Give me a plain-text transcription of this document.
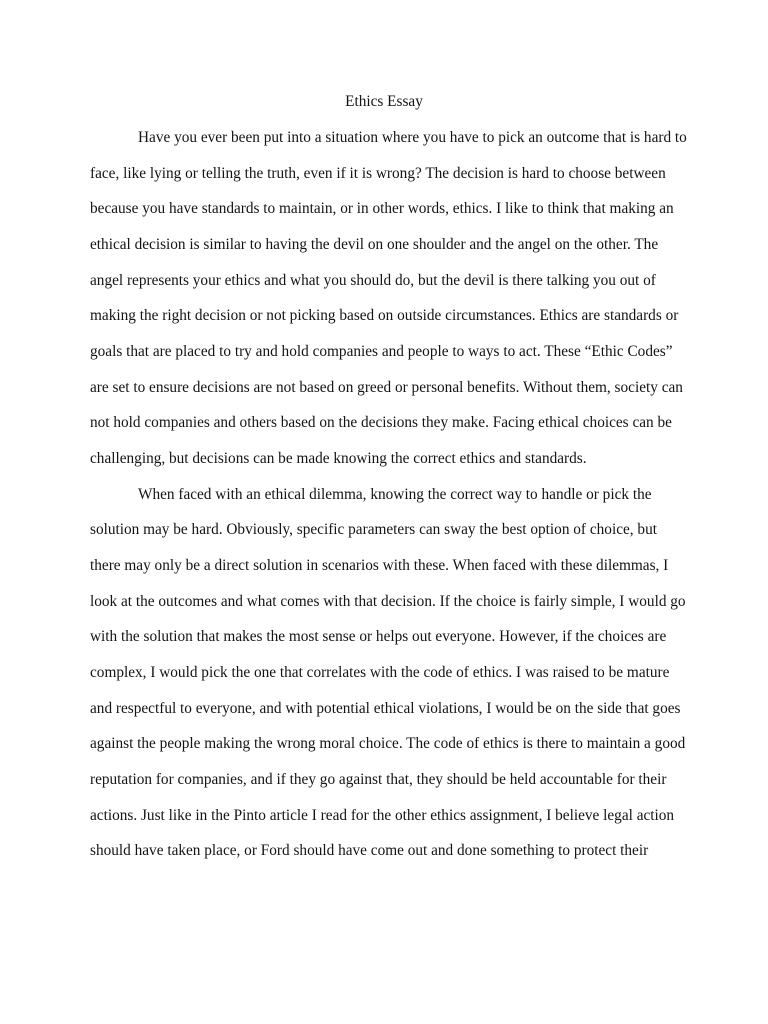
Ethics Essay
Have you ever been put into a situation where you have to pick an outcome that is hard to
face, like lying or telling the truth, even if it is wrong? The decision is hard to choose between
because you have standards to maintain, or in other words, ethics. I like to think that making an
ethical decision is similar to having the devil on one shoulder and the angel on the other. The
angel represents your ethics and what you should do, but the devil is there talking you out of
making the right decision or not picking based on outside circumstances. Ethics are standards or
goals that are placed to try and hold companies and people to ways to act. These “Ethic Codes”
are set to ensure decisions are not based on greed or personal benefits. Without them, society can
not hold companies and others based on the decisions they make. Facing ethical choices can be
challenging, but decisions can be made knowing the correct ethics and standards.
When faced with an ethical dilemma, knowing the correct way to handle or pick the
solution may be hard. Obviously, specific parameters can sway the best option of choice, but
there may only be a direct solution in scenarios with these. When faced with these dilemmas, I
look at the outcomes and what comes with that decision. If the choice is fairly simple, I would go
with the solution that makes the most sense or helps out everyone. However, if the choices are
complex, I would pick the one that correlates with the code of ethics. I was raised to be mature
and respectful to everyone, and with potential ethical violations, I would be on the side that goes
against the people making the wrong moral choice. The code of ethics is there to maintain a good
reputation for companies, and if they go against that, they should be held accountable for their
actions. Just like in the Pinto article I read for the other ethics assignment, I believe legal action
should have taken place, or Ford should have come out and done something to protect their
